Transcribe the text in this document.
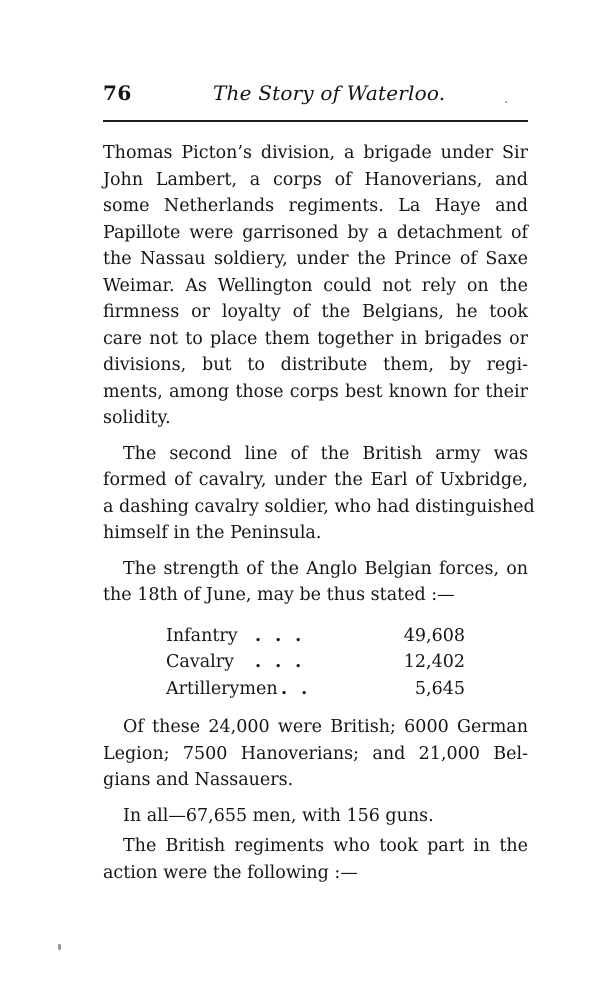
76	The Story of Waterloo.

Thomas Picton’s division, a brigade under Sir
John Lambert, a corps of Hanoverians, and
some Netherlands regiments. La Haye and
Papillote were garrisoned by a detachment of
the Nassau soldiery, under the Prince of Saxe
Weimar. As Wellington could not rely on the
firmness or loyalty of the Belgians, he took
care not to place them together in brigades or
divisions, but to distribute them, by regi-
ments, among those corps best known for their
solidity.

The second line of the British army was
formed of cavalry, under the Earl of Uxbridge,
a dashing cavalry soldier, who had distinguished
himself in the Peninsula.

The strength of the Anglo Belgian forces, on
the 18th of June, may be thus stated :—

Infantry ...	49,608
Cavalry ...	12,402
Artillerymen ..	5,645

Of these 24,000 were British; 6000 German
Legion; 7500 Hanoverians; and 21,000 Bel-
gians and Nassauers.

In all—67,655 men, with 156 guns.

The British regiments who took part in the
action were the following :—
